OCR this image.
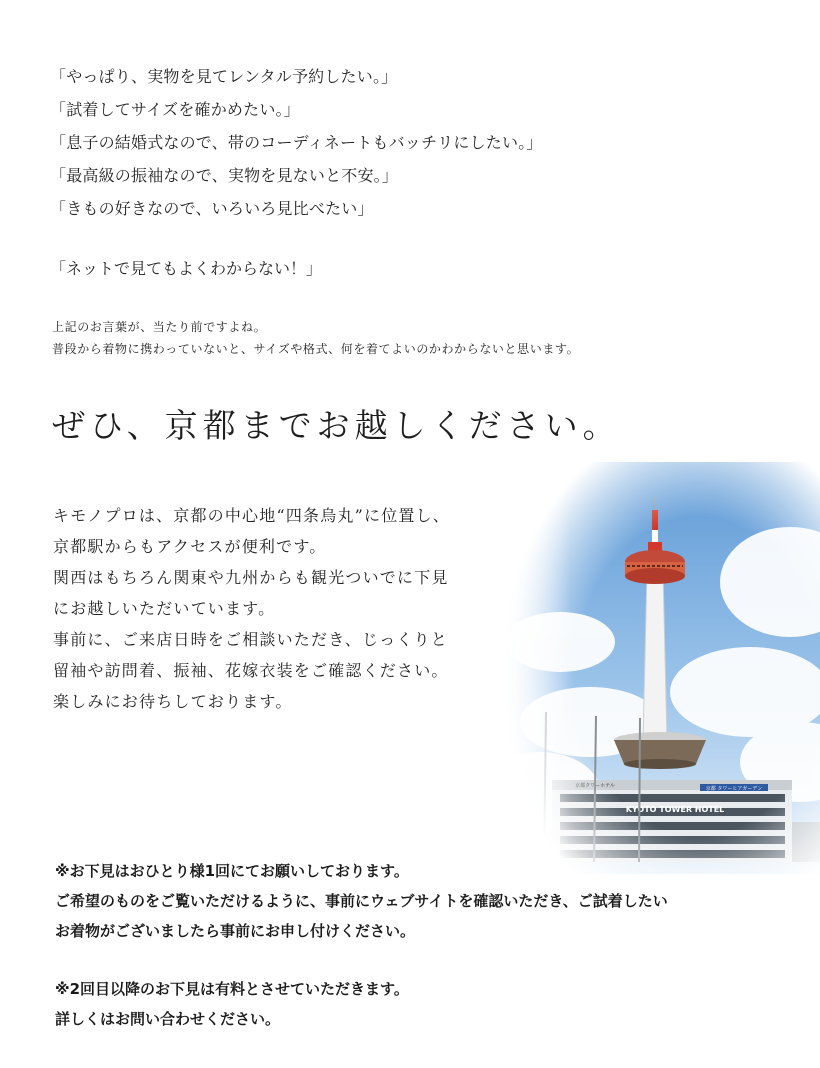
「やっぱり、実物を見てレンタル予約したい。」
「試着してサイズを確かめたい。」
「息子の結婚式なので、帯のコーディネートもバッチリにしたい。」
「最高級の振袖なので、実物を見ないと不安。」
「きもの好きなので、いろいろ見比べたい」
「ネットで見てもよくわからない！」
上記のお言葉が、当たり前ですよね。
普段から着物に携わっていないと、サイズや格式、何を着てよいのかわからないと思います。
ぜひ、京都までお越しください。
キモノプロは、京都の中心地“四条烏丸”に位置し、
京都駅からもアクセスが便利です。
関西はもちろん関東や九州からも観光ついでに下見
にお越しいただいています。
事前に、ご来店日時をご相談いただき、じっくりと
留袖や訪問着、振袖、花嫁衣装をご確認ください。
楽しみにお待ちしております。
※お下見はおひとり様1回にてお願いしております。
ご希望のものをご覧いただけるように、事前にウェブサイトを確認いただき、ご試着したい
お着物がございましたら事前にお申し付けください。
※2回目以降のお下見は有料とさせていただきます。
詳しくはお問い合わせください。
